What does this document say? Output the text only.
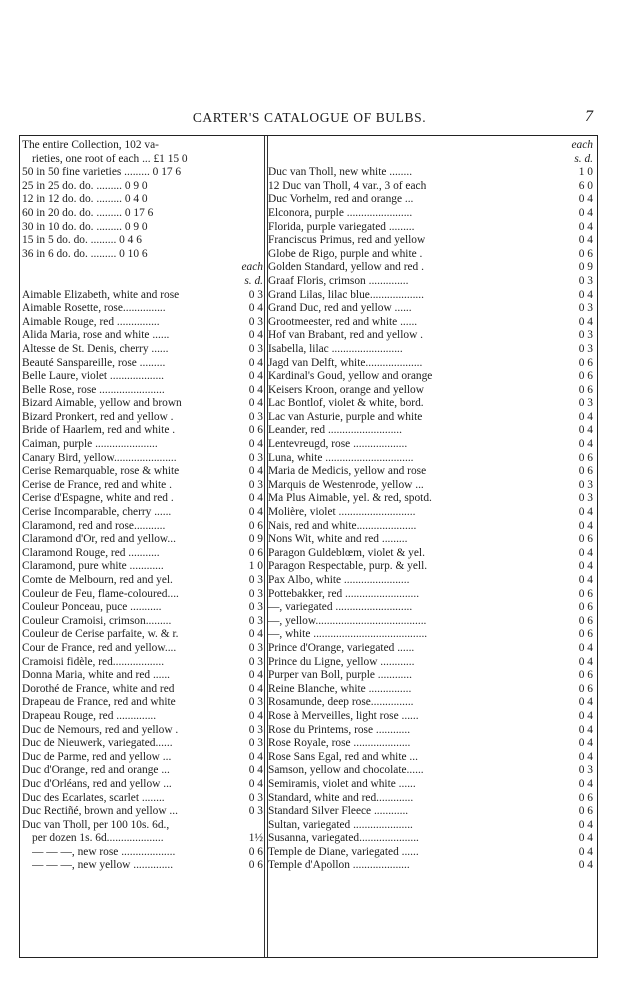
CARTER'S CATALOGUE OF BULBS.	7
The entire Collection, 102 va-
rieties, one root of each ... £1 15 0
50 in 50 fine varieties ......... 0 17 6
25 in 25 do. do. ......... 0 9 0
12 in 12 do. do. ......... 0 4 0
60 in 20 do. do. ......... 0 17 6
30 in 10 do. do. ......... 0 9 0
15 in 5 do. do. ......... 0 4 6
36 in 6 do. do. ......... 0 10 6
each
s. d.
Aimable Elizabeth, white and rose	0 3
Aimable Rosette, rose...............	0 4
Aimable Rouge, red ...............	0 3
Alida Maria, rose and white ......	0 4
Altesse de St. Denis, cherry ......	0 3
Beauté Sanspareille, rose .........	0 4
Belle Laure, violet ...................	0 4
Belle Rose, rose .......................	0 4
Bizard Aimable, yellow and brown	0 4
Bizard Pronkert, red and yellow .	0 3
Bride of Haarlem, red and white .	0 6
Caiman, purple ......................	0 4
Canary Bird, yellow......................	0 3
Cerise Remarquable, rose & white	0 4
Cerise de France, red and white .	0 3
Cerise d'Espagne, white and red .	0 4
Cerise Incomparable, cherry ......	0 4
Claramond, red and rose...........	0 6
Claramond d'Or, red and yellow...	0 9
Claramond Rouge, red ...........	0 6
Claramond, pure white ............	1 0
Comte de Melbourn, red and yel.	0 3
Couleur de Feu, flame-coloured....	0 3
Couleur Ponceau, puce ...........	0 3
Couleur Cramoisi, crimson.........	0 3
Couleur de Cerise parfaite, w. & r.	0 4
Cour de France, red and yellow....	0 3
Cramoisi fidèle, red..................	0 3
Donna Maria, white and red ......	0 4
Dorothé de France, white and red	0 4
Drapeau de France, red and white	0 3
Drapeau Rouge, red ..............	0 4
Duc de Nemours, red and yellow .	0 3
Duc de Nieuwerk, variegated......	0 3
Duc de Parme, red and yellow ...	0 4
Duc d'Orange, red and orange ...	0 4
Duc d'Orléans, red and yellow ...	0 4
Duc des Ecarlates, scarlet ........	0 3
Duc Rectiñé, brown and yellow ...	0 3
Duc van Tholl, per 100 10s. 6d.,
per dozen 1s. 6d....................	1½
— — —, new rose ...................	0 6
— — —, new yellow ..............	0 6
each
s. d.
Duc van Tholl, new white ........	1 0
12 Duc van Tholl, 4 var., 3 of each	6 0
Duc Vorhelm, red and orange ...	0 4
Elconora, purple .......................	0 4
Florida, purple variegated .........	0 4
Franciscus Primus, red and yellow	0 4
Globe de Rigo, purple and white .	0 6
Golden Standard, yellow and red .	0 9
Graaf Floris, crimson ..............	0 3
Grand Lilas, lilac blue...................	0 4
Grand Duc, red and yellow ......	0 3
Grootmeester, red and white ......	0 4
Hof van Brabant, red and yellow .	0 3
Isabella, lilac .........................	0 3
Jagd van Delft, white....................	0 6
Kardinal's Goud, yellow and orange	0 6
Keisers Kroon, orange and yellow	0 6
Lac Bontlof, violet & white, bord.	0 3
Lac van Asturie, purple and white	0 4
Leander, red ..........................	0 4
Lentevreugd, rose ...................	0 4
Luna, white ...............................	0 6
Maria de Medicis, yellow and rose	0 6
Marquis de Westenrode, yellow ...	0 3
Ma Plus Aimable, yel. & red, spotd.	0 3
Molière, violet ...........................	0 4
Nais, red and white.....................	0 4
Nons Wit, white and red .........	0 6
Paragon Guldeblœm, violet & yel.	0 4
Paragon Respectable, purp. & yell.	0 4
Pax Albo, white .......................	0 4
Pottebakker, red ..........................	0 6
—, variegated ...........................	0 6
—, yellow.......................................	0 6
—, white ........................................	0 6
Prince d'Orange, variegated ......	0 4
Prince du Ligne, yellow ............	0 4
Purper van Boll, purple ............	0 6
Reine Blanche, white ...............	0 6
Rosamunde, deep rose...............	0 4
Rose à Merveilles, light rose ......	0 4
Rose du Printems, rose ............	0 4
Rose Royale, rose ....................	0 4
Rose Sans Egal, red and white ...	0 4
Samson, yellow and chocolate......	0 3
Semiramis, violet and white ......	0 4
Standard, white and red.............	0 6
Standard Silver Fleece ............	0 6
Sultan, variegated .....................	0 4
Susanna, variegated.....................	0 4
Temple de Diane, variegated ......	0 4
Temple d'Apollon ....................	0 4
